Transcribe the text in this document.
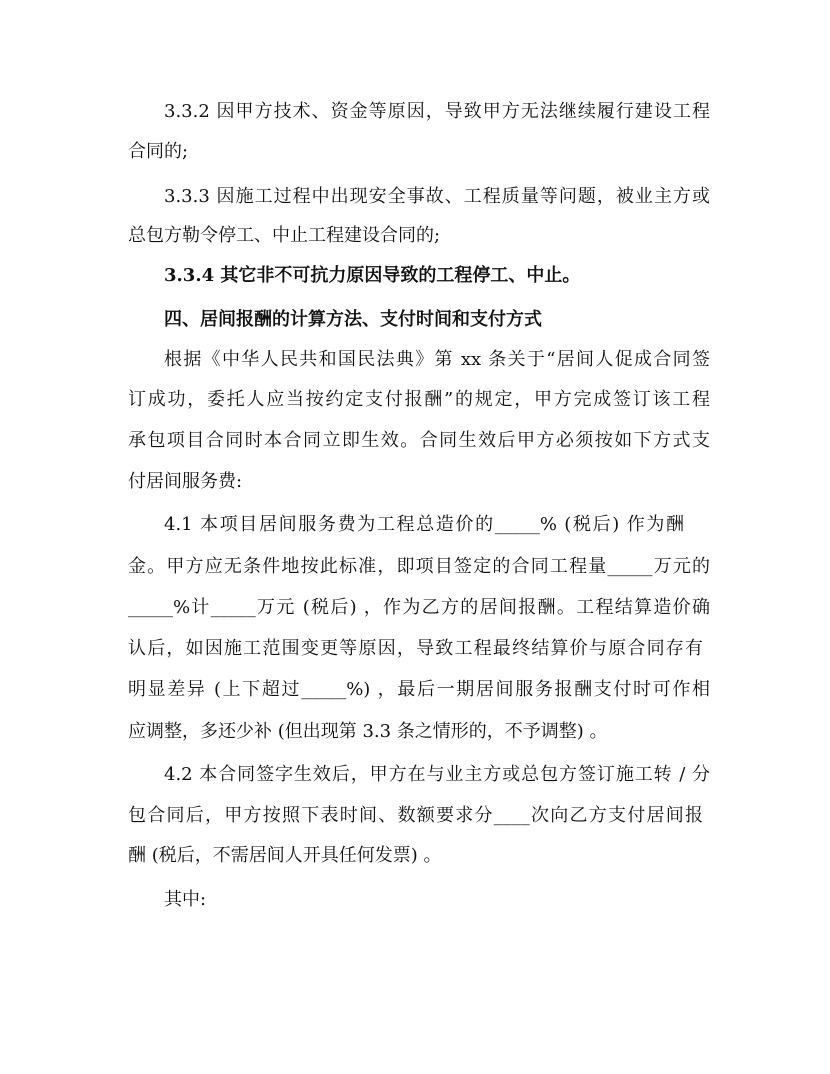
3.3.2 因甲方技术、资金等原因，导致甲方无法继续履行建设工程
合同的;
3.3.3 因施工过程中出现安全事故、工程质量等问题，被业主方或
总包方勒令停工、中止工程建设合同的;
3.3.4 其它非不可抗力原因导致的工程停工、中止。
四、居间报酬的计算方法、支付时间和支付方式
根据《中华人民共和国民法典》第 xx 条关于“居间人促成合同签
订成功，委托人应当按约定支付报酬”的规定，甲方完成签订该工程
承包项目合同时本合同立即生效。合同生效后甲方必须按如下方式支
付居间服务费:
4.1 本项目居间服务费为工程总造价的_____% (税后) 作为酬
金。甲方应无条件地按此标准，即项目签定的合同工程量_____万元的
_____%计_____万元 (税后) ，作为乙方的居间报酬。工程结算造价确
认后，如因施工范围变更等原因，导致工程最终结算价与原合同存有
明显差异 (上下超过_____%) ，最后一期居间服务报酬支付时可作相
应调整，多还少补 (但出现第 3.3 条之情形的，不予调整) 。
4.2 本合同签字生效后，甲方在与业主方或总包方签订施工转 / 分
包合同后，甲方按照下表时间、数额要求分____次向乙方支付居间报
酬 (税后，不需居间人开具任何发票) 。
其中:
